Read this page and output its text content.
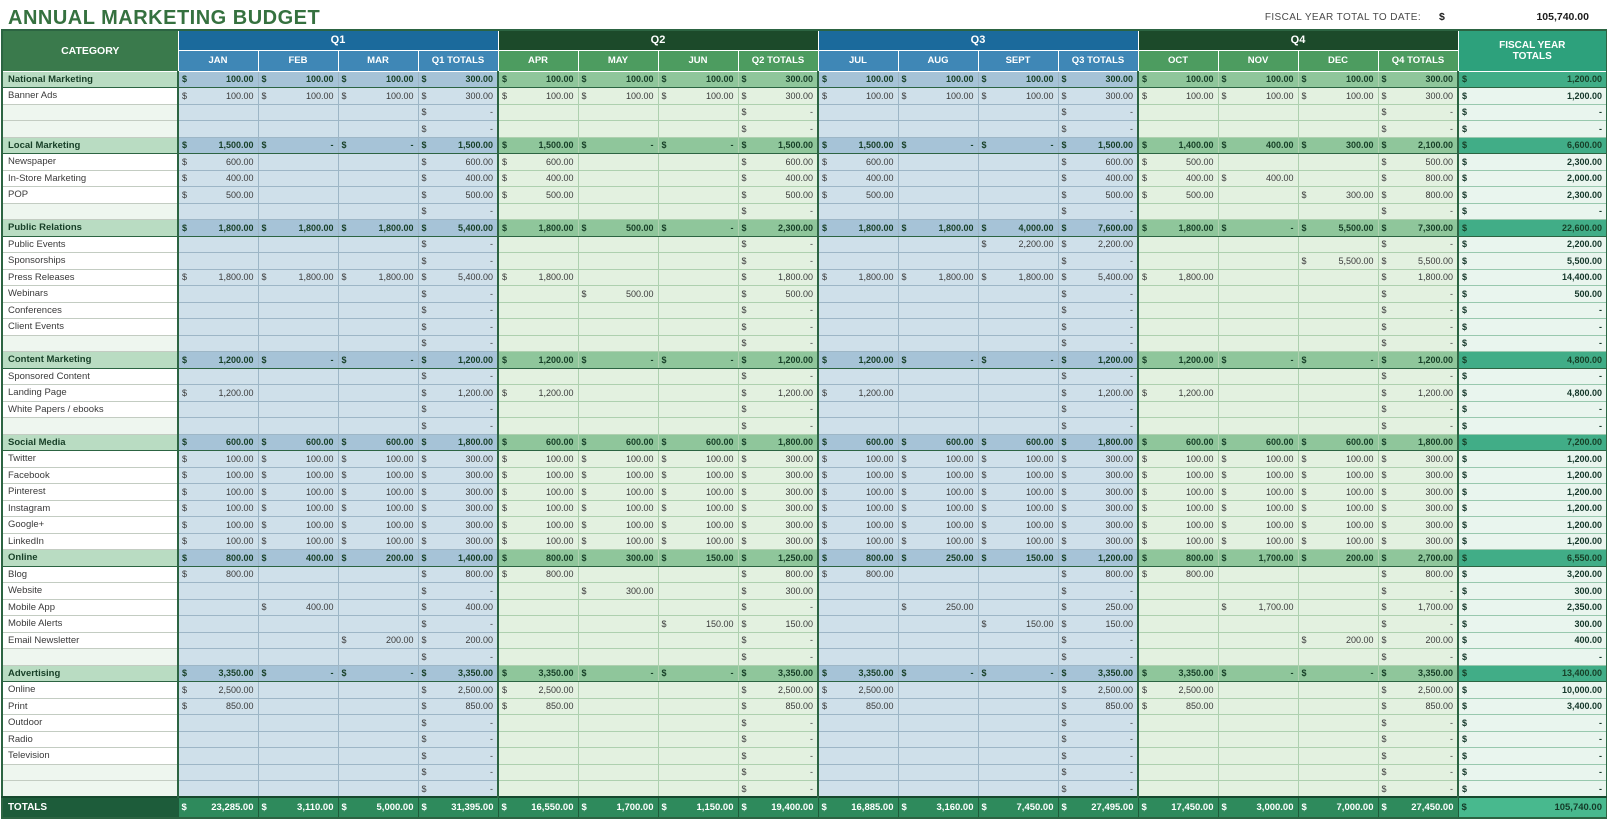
ANNUAL MARKETING BUDGET	FISCAL YEAR TOTAL TO DATE: $	105,740.00
CATEGORY	Q1				Q2				Q3				Q4				FISCAL YEAR
TOTALS
	JAN	FEB	MAR	Q1 TOTALS	APR	MAY	JUN	Q2 TOTALS	JUL	AUG	SEPT	Q3 TOTALS	OCT	NOV	DEC	Q4 TOTALS	
National Marketing	$ 100.00	$ 100.00	$ 100.00	$ 300.00	$ 100.00	$ 100.00	$ 100.00	$ 300.00	$ 100.00	$ 100.00	$ 100.00	$ 300.00	$ 100.00	$ 100.00	$ 100.00	$ 300.00	$ 1,200.00

Banner Ads	$ 100.00	$ 100.00	$ 100.00	$ 300.00	$ 100.00	$ 100.00	$ 100.00	$ 300.00	$ 100.00	$ 100.00	$ 100.00	$ 300.00	$ 100.00	$ 100.00	$ 100.00	$ 300.00	$ 1,200.00

				$ -				$ -				$ -				$ -	$ -

				$ -				$ -				$ -				$ -	$ -

Local Marketing	$ 1,500.00	$ -	$ -	$ 1,500.00	$ 1,500.00	$ -	$ -	$ 1,500.00	$ 1,500.00	$ -	$ -	$ 1,500.00	$ 1,400.00	$ 400.00	$ 300.00	$ 2,100.00	$ 6,600.00

Newspaper	$ 600.00			$ 600.00	$ 600.00			$ 600.00	$ 600.00			$ 600.00	$ 500.00			$ 500.00	$ 2,300.00

In-Store Marketing	$ 400.00			$ 400.00	$ 400.00			$ 400.00	$ 400.00			$ 400.00	$ 400.00	$ 400.00		$ 800.00	$ 2,000.00

POP	$ 500.00			$ 500.00	$ 500.00			$ 500.00	$ 500.00			$ 500.00	$ 500.00		$ 300.00	$ 800.00	$ 2,300.00

				$ -				$ -				$ -				$ -	$ -

Public Relations	$ 1,800.00	$ 1,800.00	$ 1,800.00	$ 5,400.00	$ 1,800.00	$ 500.00	$ -	$ 2,300.00	$ 1,800.00	$ 1,800.00	$ 4,000.00	$ 7,600.00	$ 1,800.00	$ -	$ 5,500.00	$ 7,300.00	$ 22,600.00

Public Events				$ -				$ -			$ 2,200.00	$ 2,200.00				$ -	$ 2,200.00

Sponsorships				$ -				$ -				$ -			$ 5,500.00	$ 5,500.00	$ 5,500.00

Press Releases	$ 1,800.00	$ 1,800.00	$ 1,800.00	$ 5,400.00	$ 1,800.00			$ 1,800.00	$ 1,800.00	$ 1,800.00	$ 1,800.00	$ 5,400.00	$ 1,800.00			$ 1,800.00	$ 14,400.00

Webinars				$ -		$ 500.00		$ 500.00				$ -				$ -	$ 500.00

Conferences				$ -				$ -				$ -				$ -	$ -

Client Events				$ -				$ -				$ -				$ -	$ -

				$ -				$ -				$ -				$ -	$ -

Content Marketing	$ 1,200.00	$ -	$ -	$ 1,200.00	$ 1,200.00	$ -	$ -	$ 1,200.00	$ 1,200.00	$ -	$ -	$ 1,200.00	$ 1,200.00	$ -	$ -	$ 1,200.00	$ 4,800.00

Sponsored Content				$ -				$ -				$ -				$ -	$ -

Landing Page	$ 1,200.00			$ 1,200.00	$ 1,200.00			$ 1,200.00	$ 1,200.00			$ 1,200.00	$ 1,200.00			$ 1,200.00	$ 4,800.00

White Papers / ebooks				$ -				$ -				$ -				$ -	$ -

				$ -				$ -				$ -				$ -	$ -

Social Media	$ 600.00	$ 600.00	$ 600.00	$ 1,800.00	$ 600.00	$ 600.00	$ 600.00	$ 1,800.00	$ 600.00	$ 600.00	$ 600.00	$ 1,800.00	$ 600.00	$ 600.00	$ 600.00	$ 1,800.00	$ 7,200.00

Twitter	$ 100.00	$ 100.00	$ 100.00	$ 300.00	$ 100.00	$ 100.00	$ 100.00	$ 300.00	$ 100.00	$ 100.00	$ 100.00	$ 300.00	$ 100.00	$ 100.00	$ 100.00	$ 300.00	$ 1,200.00

Facebook	$ 100.00	$ 100.00	$ 100.00	$ 300.00	$ 100.00	$ 100.00	$ 100.00	$ 300.00	$ 100.00	$ 100.00	$ 100.00	$ 300.00	$ 100.00	$ 100.00	$ 100.00	$ 300.00	$ 1,200.00

Pinterest	$ 100.00	$ 100.00	$ 100.00	$ 300.00	$ 100.00	$ 100.00	$ 100.00	$ 300.00	$ 100.00	$ 100.00	$ 100.00	$ 300.00	$ 100.00	$ 100.00	$ 100.00	$ 300.00	$ 1,200.00

Instagram	$ 100.00	$ 100.00	$ 100.00	$ 300.00	$ 100.00	$ 100.00	$ 100.00	$ 300.00	$ 100.00	$ 100.00	$ 100.00	$ 300.00	$ 100.00	$ 100.00	$ 100.00	$ 300.00	$ 1,200.00

Google+	$ 100.00	$ 100.00	$ 100.00	$ 300.00	$ 100.00	$ 100.00	$ 100.00	$ 300.00	$ 100.00	$ 100.00	$ 100.00	$ 300.00	$ 100.00	$ 100.00	$ 100.00	$ 300.00	$ 1,200.00

LinkedIn	$ 100.00	$ 100.00	$ 100.00	$ 300.00	$ 100.00	$ 100.00	$ 100.00	$ 300.00	$ 100.00	$ 100.00	$ 100.00	$ 300.00	$ 100.00	$ 100.00	$ 100.00	$ 300.00	$ 1,200.00

Online	$ 800.00	$ 400.00	$ 200.00	$ 1,400.00	$ 800.00	$ 300.00	$ 150.00	$ 1,250.00	$ 800.00	$ 250.00	$ 150.00	$ 1,200.00	$ 800.00	$ 1,700.00	$ 200.00	$ 2,700.00	$ 6,550.00

Blog	$ 800.00			$ 800.00	$ 800.00			$ 800.00	$ 800.00			$ 800.00	$ 800.00			$ 800.00	$ 3,200.00

Website				$ -		$ 300.00		$ 300.00				$ -				$ -	$ 300.00

Mobile App		$ 400.00		$ 400.00				$ -		$ 250.00		$ 250.00		$ 1,700.00		$ 1,700.00	$ 2,350.00

Mobile Alerts				$ -			$ 150.00	$ 150.00			$ 150.00	$ 150.00				$ -	$ 300.00

Email Newsletter			$ 200.00	$ 200.00				$ -				$ -			$ 200.00	$ 200.00	$ 400.00

				$ -				$ -				$ -				$ -	$ -

Advertising	$ 3,350.00	$ -	$ -	$ 3,350.00	$ 3,350.00	$ -	$ -	$ 3,350.00	$ 3,350.00	$ -	$ -	$ 3,350.00	$ 3,350.00	$ -	$ -	$ 3,350.00	$ 13,400.00

Online	$ 2,500.00			$ 2,500.00	$ 2,500.00			$ 2,500.00	$ 2,500.00			$ 2,500.00	$ 2,500.00			$ 2,500.00	$ 10,000.00

Print	$ 850.00			$ 850.00	$ 850.00			$ 850.00	$ 850.00			$ 850.00	$ 850.00			$ 850.00	$ 3,400.00

Outdoor				$ -				$ -				$ -				$ -	$ -

Radio				$ -				$ -				$ -				$ -	$ -

Television				$ -				$ -				$ -				$ -	$ -

				$ -				$ -				$ -				$ -	$ -

				$ -				$ -				$ -				$ -	$ -

TOTALS	$ 23,285.00	$ 3,110.00	$ 5,000.00	$ 31,395.00	$ 16,550.00	$ 1,700.00	$ 1,150.00	$ 19,400.00	$ 16,885.00	$ 3,160.00	$ 7,450.00	$ 27,495.00	$ 17,450.00	$ 3,000.00	$ 7,000.00	$ 27,450.00	$ 105,740.00
